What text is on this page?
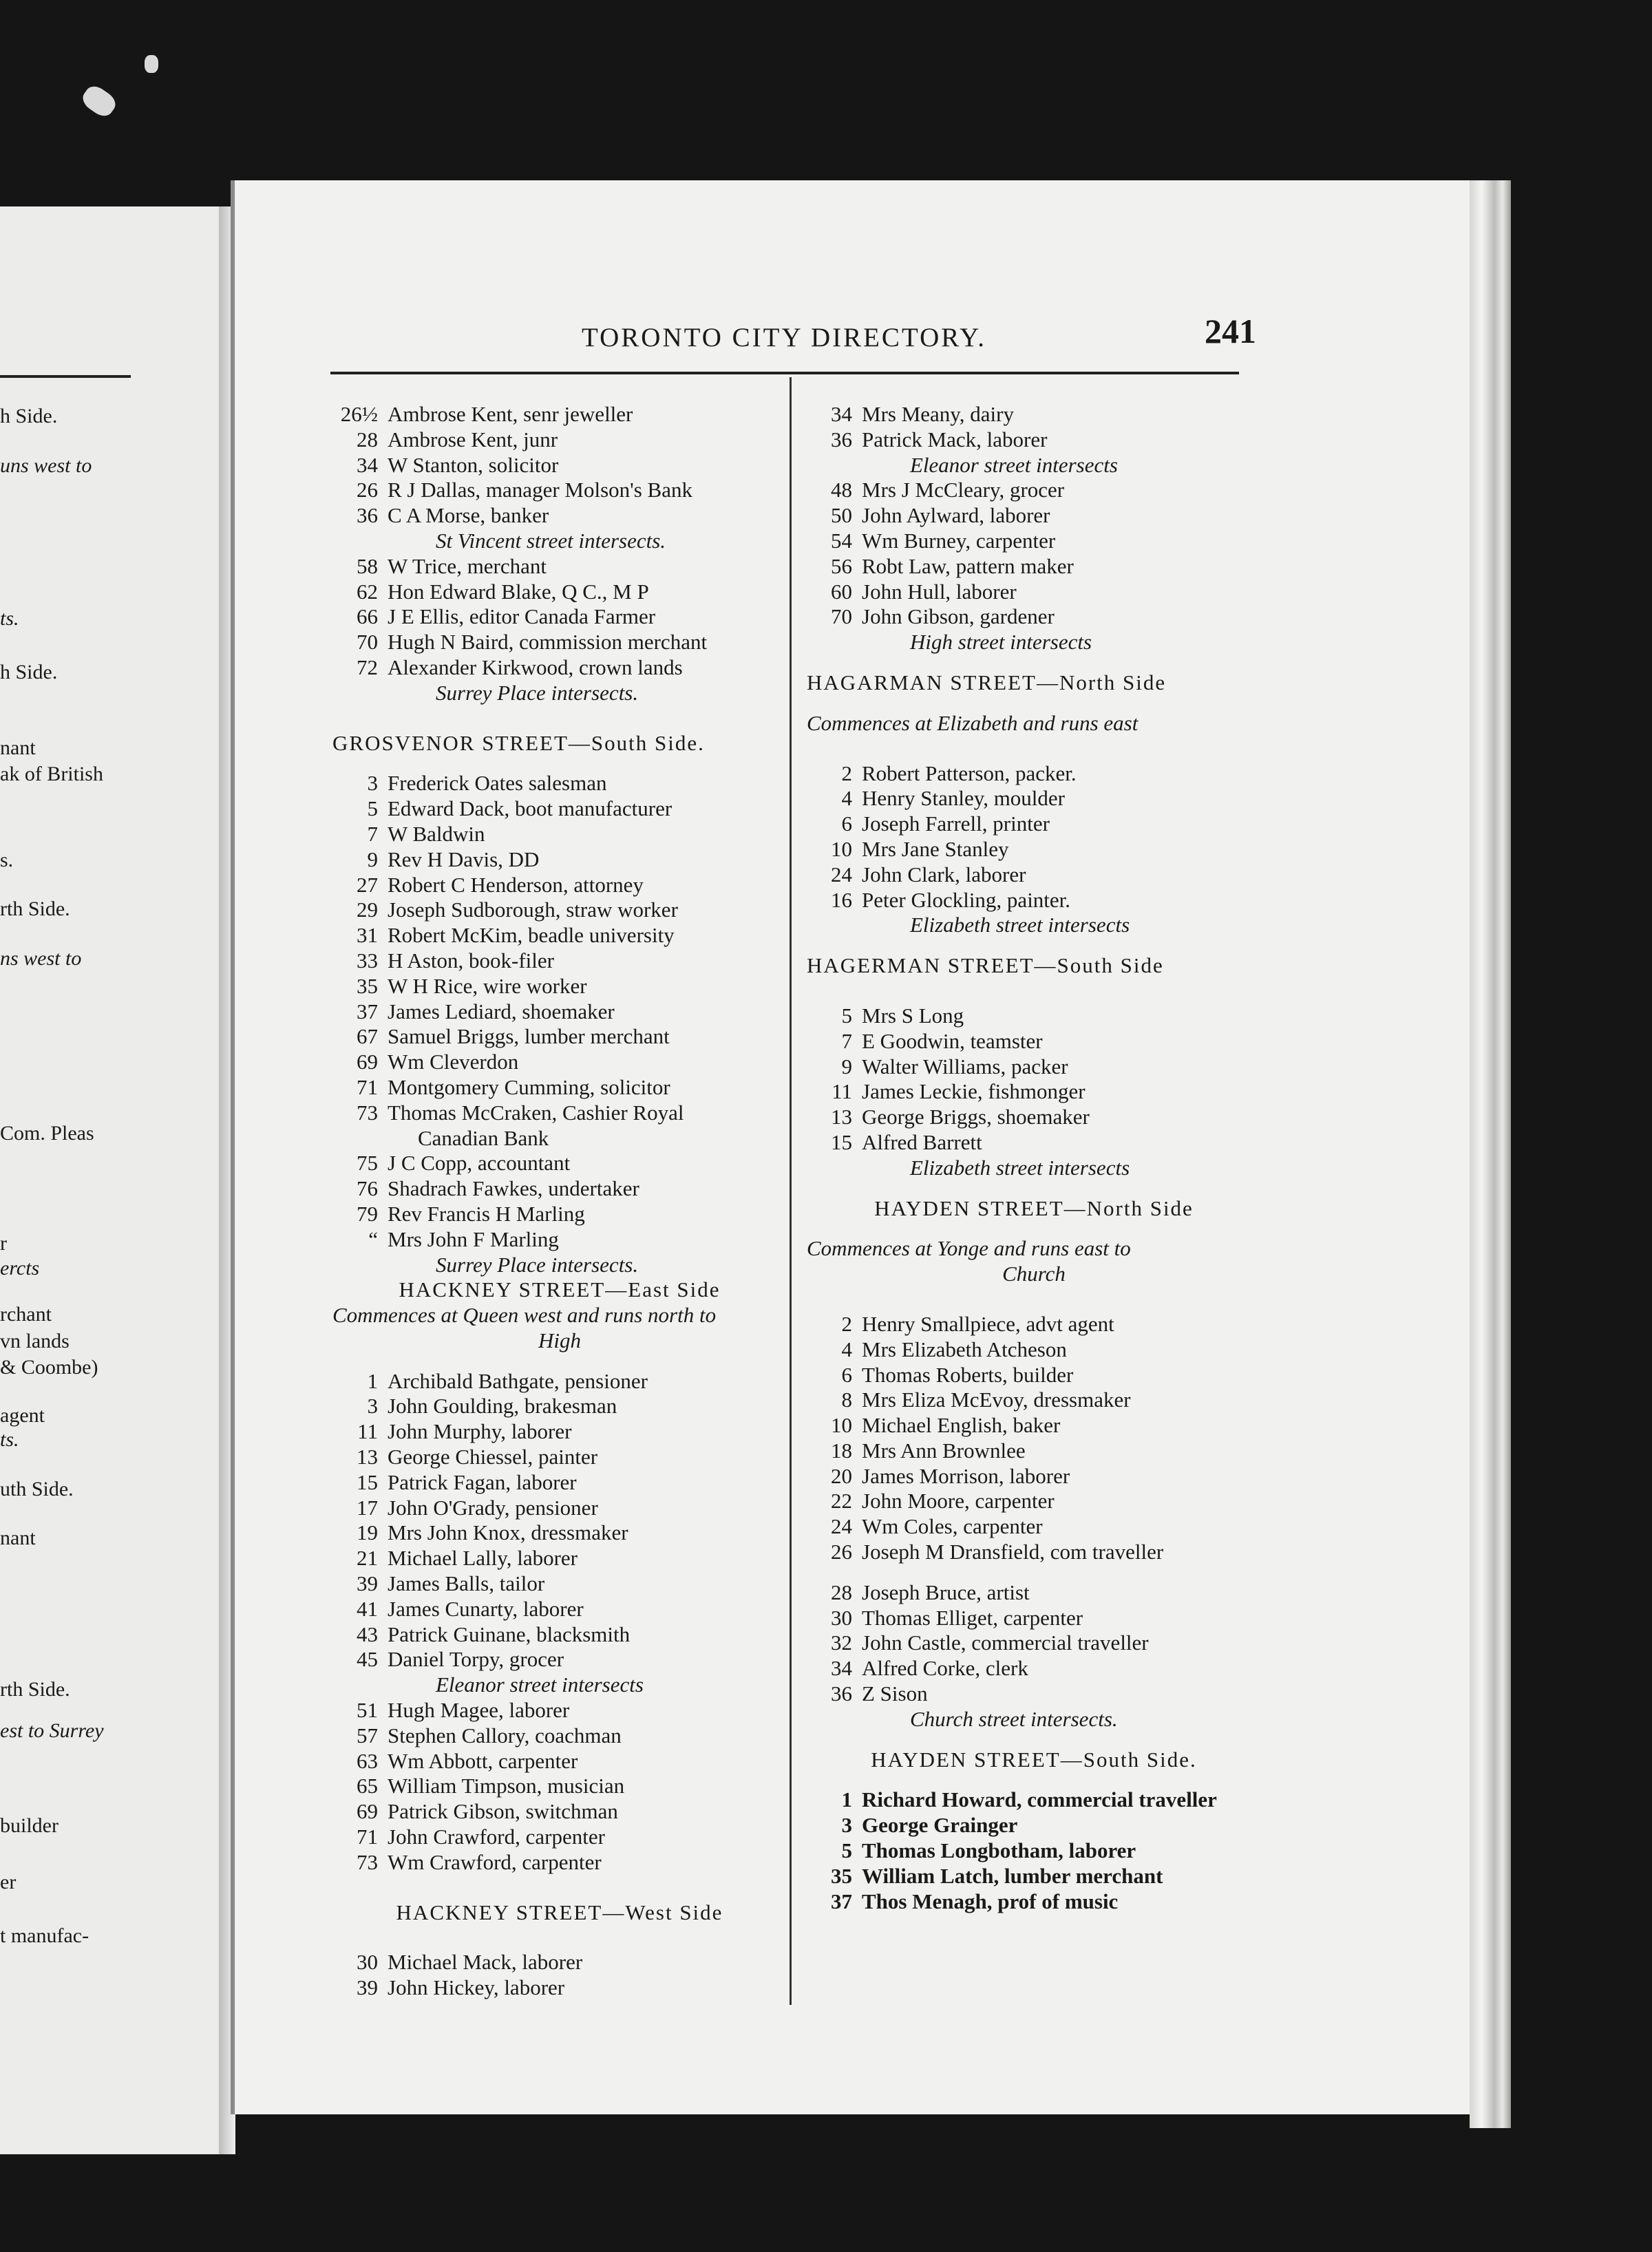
h Side.
uns west to
ts.
h Side.
nant
ak of British
s.
rth Side.
ns west to
Com. Pleas
r
ercts
rchant
vn lands
& Coombe)
agent
ts.
uth Side.
nant
rth Side.
est to Surrey
builder
er
t manufac-
TORONTO CITY DIRECTORY.	241
26½ Ambrose Kent, senr jeweller
28 Ambrose Kent, junr
34 W Stanton, solicitor
26 R J Dallas, manager Molson's Bank
36 C A Morse, banker
St Vincent street intersects.
58 W Trice, merchant
62 Hon Edward Blake, Q C., M P
66 J E Ellis, editor Canada Farmer
70 Hugh N Baird, commission merchant
72 Alexander Kirkwood, crown lands
Surrey Place intersects.
GROSVENOR STREET—South Side.
3 Frederick Oates salesman
5 Edward Dack, boot manufacturer
7 W Baldwin
9 Rev H Davis, DD
27 Robert C Henderson, attorney
29 Joseph Sudborough, straw worker
31 Robert McKim, beadle university
33 H Aston, book-filer
35 W H Rice, wire worker
37 James Lediard, shoemaker
67 Samuel Briggs, lumber merchant
69 Wm Cleverdon
71 Montgomery Cumming, solicitor
73 Thomas McCraken, Cashier Royal
Canadian Bank
75 J C Copp, accountant
76 Shadrach Fawkes, undertaker
79 Rev Francis H Marling
“ Mrs John F Marling
Surrey Place intersects.
HACKNEY STREET—East Side
Commences at Queen west and runs north to
High
1 Archibald Bathgate, pensioner
3 John Goulding, brakesman
11 John Murphy, laborer
13 George Chiessel, painter
15 Patrick Fagan, laborer
17 John O'Grady, pensioner
19 Mrs John Knox, dressmaker
21 Michael Lally, laborer
39 James Balls, tailor
41 James Cunarty, laborer
43 Patrick Guinane, blacksmith
45 Daniel Torpy, grocer
Eleanor street intersects
51 Hugh Magee, laborer
57 Stephen Callory, coachman
63 Wm Abbott, carpenter
65 William Timpson, musician
69 Patrick Gibson, switchman
71 John Crawford, carpenter
73 Wm Crawford, carpenter
HACKNEY STREET—West Side
30 Michael Mack, laborer
39 John Hickey, laborer
34 Mrs Meany, dairy
36 Patrick Mack, laborer
Eleanor street intersects
48 Mrs J McCleary, grocer
50 John Aylward, laborer
54 Wm Burney, carpenter
56 Robt Law, pattern maker
60 John Hull, laborer
70 John Gibson, gardener
High street intersects
HAGARMAN STREET—North Side
Commences at Elizabeth and runs east
2 Robert Patterson, packer.
4 Henry Stanley, moulder
6 Joseph Farrell, printer
10 Mrs Jane Stanley
24 John Clark, laborer
16 Peter Glockling, painter.
Elizabeth street intersects
HAGERMAN STREET—South Side
5 Mrs S Long
7 E Goodwin, teamster
9 Walter Williams, packer
11 James Leckie, fishmonger
13 George Briggs, shoemaker
15 Alfred Barrett
Elizabeth street intersects
HAYDEN STREET—North Side
Commences at Yonge and runs east to
Church
2 Henry Smallpiece, advt agent
4 Mrs Elizabeth Atcheson
6 Thomas Roberts, builder
8 Mrs Eliza McEvoy, dressmaker
10 Michael English, baker
18 Mrs Ann Brownlee
20 James Morrison, laborer
22 John Moore, carpenter
24 Wm Coles, carpenter
26 Joseph M Dransfield, com traveller
28 Joseph Bruce, artist
30 Thomas Elliget, carpenter
32 John Castle, commercial traveller
34 Alfred Corke, clerk
36 Z Sison
Church street intersects.
HAYDEN STREET—South Side.
1 Richard Howard, commercial traveller
3 George Grainger
5 Thomas Longbotham, laborer
35 William Latch, lumber merchant
37 Thos Menagh, prof of music
